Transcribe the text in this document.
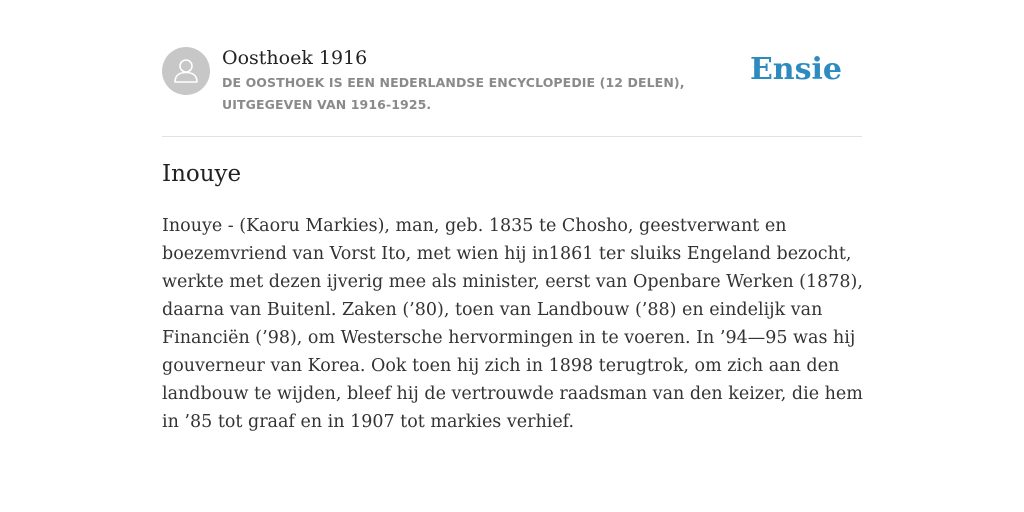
Oosthoek 1916

DE OOSTHOEK IS EEN NEDERLANDSE ENCYCLOPEDIE (12 DELEN), UITGEGEVEN VAN 1916-1925.

Ensie
Inouye

Inouye - (Kaoru Markies), man, geb. 1835 te Chosho, geestverwant en boezemvriend van Vorst Ito, met wien hij in1861 ter sluiks Engeland bezocht, werkte met dezen ijverig mee als minister, eerst van Openbare Werken (1878), daarna van Buitenl. Zaken (’80), toen van Landbouw (’88) en eindelijk van Financiën (’98), om Westersche hervormingen in te voeren. In ’94—95 was hij gouverneur van Korea. Ook toen hij zich in 1898 terugtrok, om zich aan den landbouw te wijden, bleef hij de vertrouwde raadsman van den keizer, die hem in ’85 tot graaf en in 1907 tot markies verhief.
